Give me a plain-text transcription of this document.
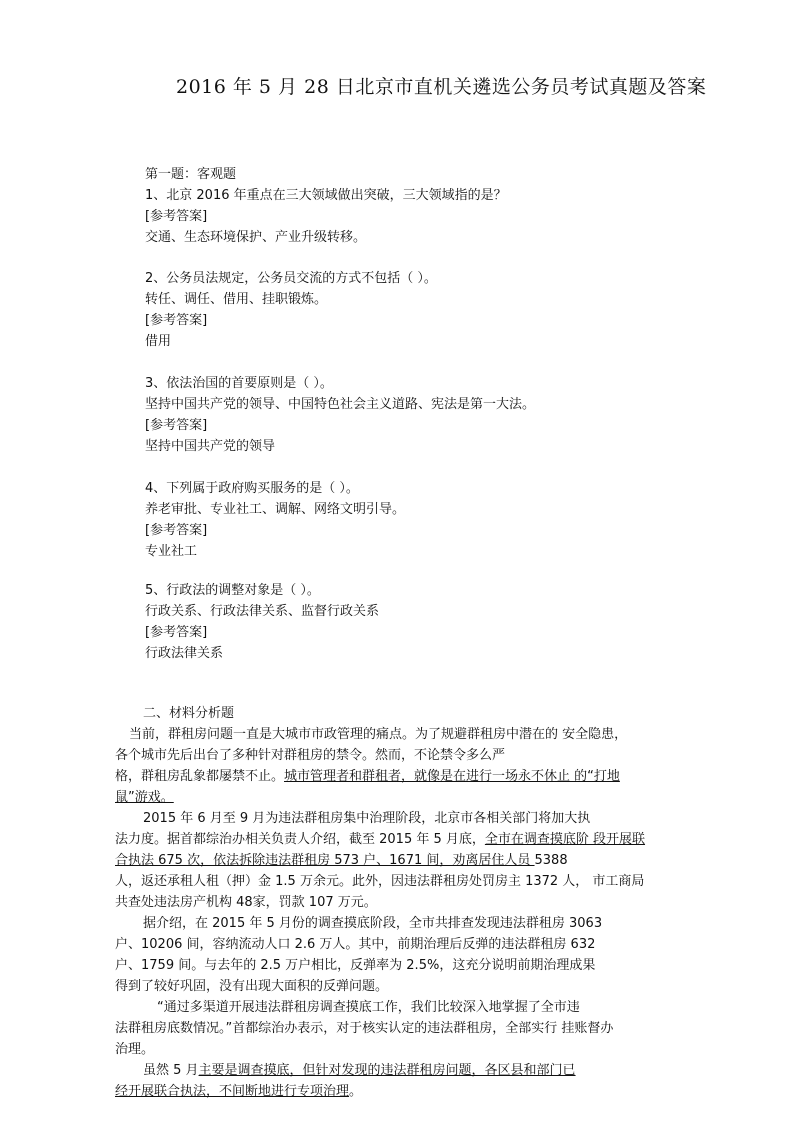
2016 年 5 月 28 日北京市直机关遴选公务员考试真题及答案
第一题：客观题
1、北京 2016 年重点在三大领域做出突破，三大领域指的是？
[参考答案]
交通、生态环境保护、产业升级转移。
2、公务员法规定，公务员交流的方式不包括（ ）。
转任、调任、借用、挂职锻炼。
[参考答案]
借用
3、依法治国的首要原则是（ ）。
坚持中国共产党的领导、中国特色社会主义道路、宪法是第一大法。
[参考答案]
坚持中国共产党的领导
4、下列属于政府购买服务的是（ ）。
养老审批、专业社工、调解、网络文明引导。
[参考答案]
专业社工
5、行政法的调整对象是（ ）。
行政关系、行政法律关系、监督行政关系
[参考答案]
行政法律关系
二、材料分析题
当前，群租房问题一直是大城市市政管理的痛点。为了规避群租房中潜在的 安全隐患，
各个城市先后出台了多种针对群租房的禁令。然而，不论禁令多么严
格，群租房乱象都屡禁不止。城市管理者和群租者，就像是在进行一场永不休止 的“打地
鼠”游戏。
2015 年 6 月至 9 月为违法群租房集中治理阶段，北京市各相关部门将加大执
法力度。据首都综治办相关负责人介绍，截至 2015 年 5 月底，全市在调查摸底阶 段开展联
合执法 675 次，依法拆除违法群租房 573 户、1671 间，劝离居住人员 5388
人，返还承租人租（押）金 1.5 万余元。此外，因违法群租房处罚房主 1372 人， 市工商局
共查处违法房产机构 48家，罚款 107 万元。
据介绍，在 2015 年 5 月份的调查摸底阶段，全市共排查发现违法群租房 3063
户、10206 间，容纳流动人口 2.6 万人。其中，前期治理后反弹的违法群租房 632
户、1759 间。与去年的 2.5 万户相比，反弹率为 2.5%，这充分说明前期治理成果
得到了较好巩固，没有出现大面积的反弹问题。
“通过多渠道开展违法群租房调查摸底工作，我们比较深入地掌握了全市违
法群租房底数情况。”首都综治办表示，对于核实认定的违法群租房，全部实行 挂账督办
治理。
虽然 5 月主要是调查摸底，但针对发现的违法群租房问题，各区县和部门已
经开展联合执法，不间断地进行专项治理。
